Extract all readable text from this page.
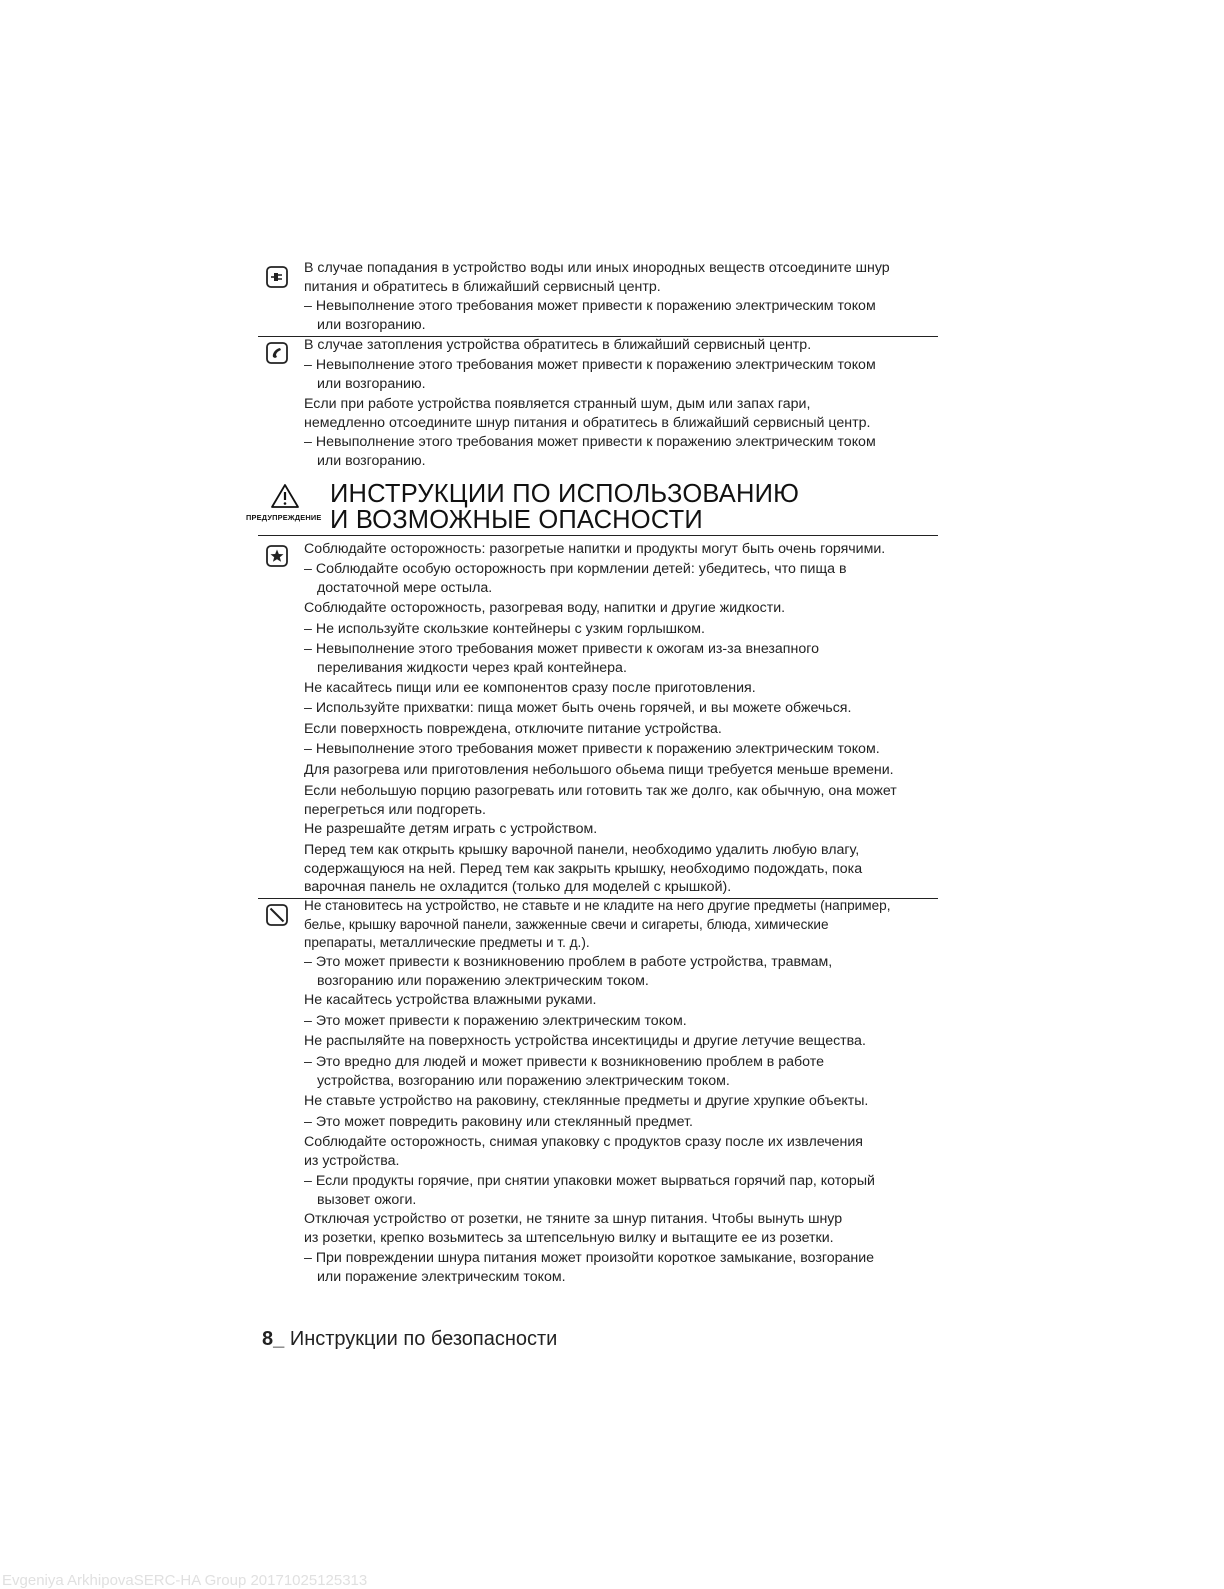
В случае попадания в устройство воды или иных инородных веществ отсоедините шнур
питания и обратитесь в ближайший сервисный центр.
– Невыполнение этого требования может привести к поражению электрическим током
или возгоранию.
В случае затопления устройства обратитесь в ближайший сервисный центр.
– Невыполнение этого требования может привести к поражению электрическим током
или возгоранию.
Если при работе устройства появляется странный шум, дым или запах гари,
немедленно отсоедините шнур питания и обратитесь в ближайший сервисный центр.
– Невыполнение этого требования может привести к поражению электрическим током
или возгоранию.
ПРЕДУПРЕЖДЕНИЕ
ИНСТРУКЦИИ ПО ИСПОЛЬЗОВАНИЮ
И ВОЗМОЖНЫЕ ОПАСНОСТИ
Соблюдайте осторожность: разогретые напитки и продукты могут быть очень горячими.
– Соблюдайте особую осторожность при кормлении детей: убедитесь, что пища в
достаточной мере остыла.
Соблюдайте осторожность, разогревая воду, напитки и другие жидкости.
– Не используйте скользкие контейнеры с узким горлышком.
– Невыполнение этого требования может привести к ожогам из-за внезапного
переливания жидкости через край контейнера.
Не касайтесь пищи или ее компонентов сразу после приготовления.
– Используйте прихватки: пища может быть очень горячей, и вы можете обжечься.
Если поверхность повреждена, отключите питание устройства.
– Невыполнение этого требования может привести к поражению электрическим током.
Для разогрева или приготовления небольшого обьема пищи требуется меньше времени.
Если небольшую порцию разогревать или готовить так же долго, как обычную, она может
перегреться или подгореть.
Не разрешайте детям играть с устройством.
Перед тем как открыть крышку варочной панели, необходимо удалить любую влагу,
содержащуюся на ней. Перед тем как закрыть крышку, необходимо подождать, пока
варочная панель не охладится (только для моделей с крышкой).
Не становитесь на устройство, не ставьте и не кладите на него другие предметы (например,
белье, крышку варочной панели, зажженные свечи и сигареты, блюда, химические
препараты, металлические предметы и т. д.).
– Это может привести к возникновению проблем в работе устройства, травмам,
возгоранию или поражению электрическим током.
Не касайтесь устройства влажными руками.
– Это может привести к поражению электрическим током.
Не распыляйте на поверхность устройства инсектициды и другие летучие вещества.
– Это вредно для людей и может привести к возникновению проблем в работе
устройства, возгоранию или поражению электрическим током.
Не ставьте устройство на раковину, стеклянные предметы и другие хрупкие объекты.
– Это может повредить раковину или стеклянный предмет.
Соблюдайте осторожность, снимая упаковку с продуктов сразу после их извлечения
из устройства.
– Если продукты горячие, при снятии упаковки может вырваться горячий пар, который
вызовет ожоги.
Отключая устройство от розетки, не тяните за шнур питания. Чтобы вынуть шнур
из розетки, крепко возьмитесь за штепсельную вилку и вытащите ее из розетки.
– При повреждении шнура питания может произойти короткое замыкание, возгорание
или поражение электрическим током.
8_ Инструкции по безопасности
Evgeniya ArkhipovaSERC-HA Group 20171025125313
